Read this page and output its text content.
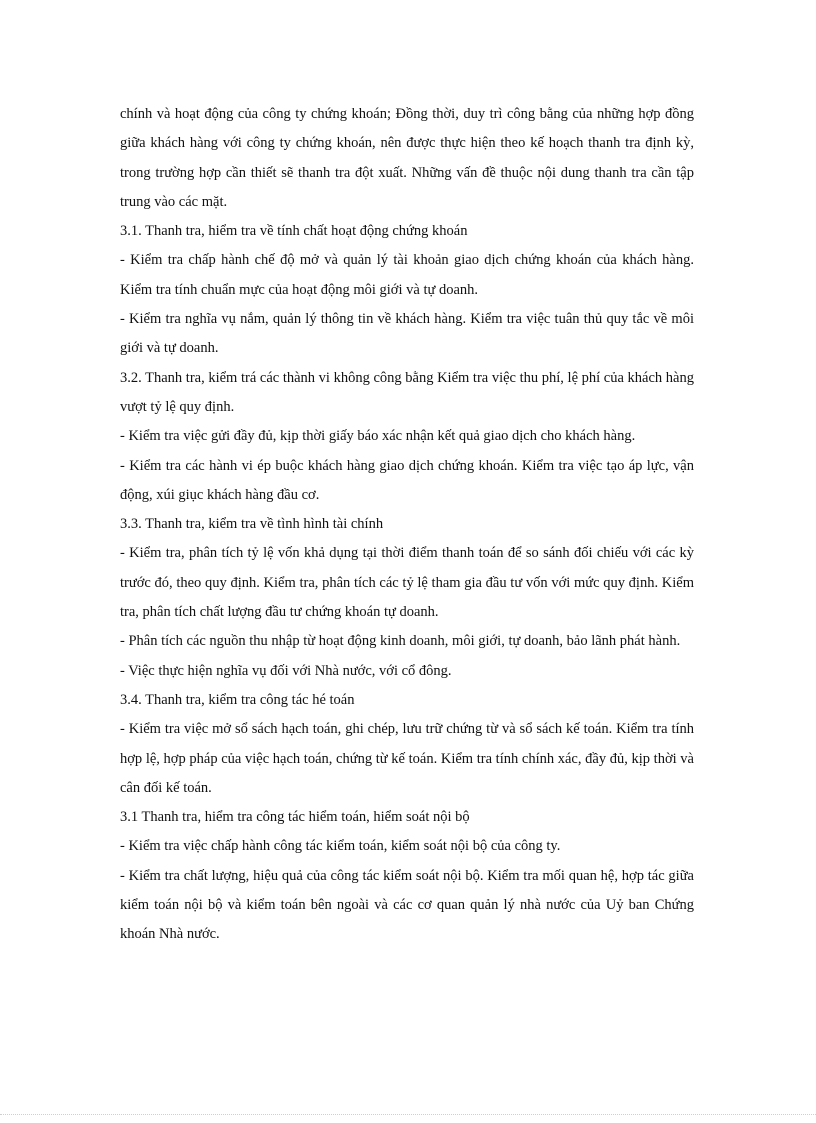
chính và hoạt động của công ty chứng khoán; Đồng thời, duy trì công bằng của những hợp đồng giữa khách hàng với công ty chứng khoán, nên được thực hiện theo kế hoạch thanh tra định kỳ, trong trường hợp cần thiết sẽ thanh tra đột xuất. Những vấn đề thuộc nội dung thanh tra cần tập trung vào các mặt.

3.1. Thanh tra, hiểm tra về tính chất hoạt động chứng khoán

- Kiểm tra chấp hành chế độ mở và quản lý tài khoản giao dịch chứng khoán của khách hàng. Kiểm tra tính chuẩn mực của hoạt động môi giới và tự doanh.

- Kiểm tra nghĩa vụ nắm, quản lý thông tin về khách hàng. Kiểm tra việc tuân thủ quy tắc về môi giới và tự doanh.

3.2. Thanh tra, kiểm trá các thành vi không công bằng Kiểm tra việc thu phí, lệ phí của khách hàng vượt tỷ lệ quy định.

- Kiểm tra việc gửi đầy đủ, kịp thời giấy báo xác nhận kết quả giao dịch cho khách hàng.

- Kiểm tra các hành vi ép buộc khách hàng giao dịch chứng khoán. Kiểm tra việc tạo áp lực, vận động, xúi giục khách hàng đầu cơ.

3.3. Thanh tra, kiểm tra về tình hình tài chính

- Kiểm tra, phân tích tỷ lệ vốn khả dụng tại thời điểm thanh toán để so sánh đối chiếu với các kỳ trước đó, theo quy định. Kiểm tra, phân tích các tỷ lệ tham gia đầu tư vốn với mức quy định. Kiểm tra, phân tích chất lượng đầu tư chứng khoán tự doanh.

- Phân tích các nguồn thu nhập từ hoạt động kinh doanh, môi giới, tự doanh, bảo lãnh phát hành.

- Việc thực hiện nghĩa vụ đối với Nhà nước, với cổ đông.

3.4. Thanh tra, kiểm tra công tác hé toán

- Kiểm tra việc mở sổ sách hạch toán, ghi chép, lưu trữ chứng từ và sổ sách kế toán. Kiểm tra tính hợp lệ, hợp pháp của việc hạch toán, chứng từ kế toán. Kiểm tra tính chính xác, đầy đủ, kịp thời và cân đối kế toán.

3.1 Thanh tra, hiểm tra công tác hiểm toán, hiểm soát nội bộ

- Kiểm tra việc chấp hành công tác kiểm toán, kiểm soát nội bộ của công ty.

- Kiểm tra chất lượng, hiệu quả của công tác kiểm soát nội bộ. Kiểm tra mối quan hệ, hợp tác giữa kiểm toán nội bộ và kiểm toán bên ngoài và các cơ quan quản lý nhà nước của Uỷ ban Chứng khoán Nhà nước.
